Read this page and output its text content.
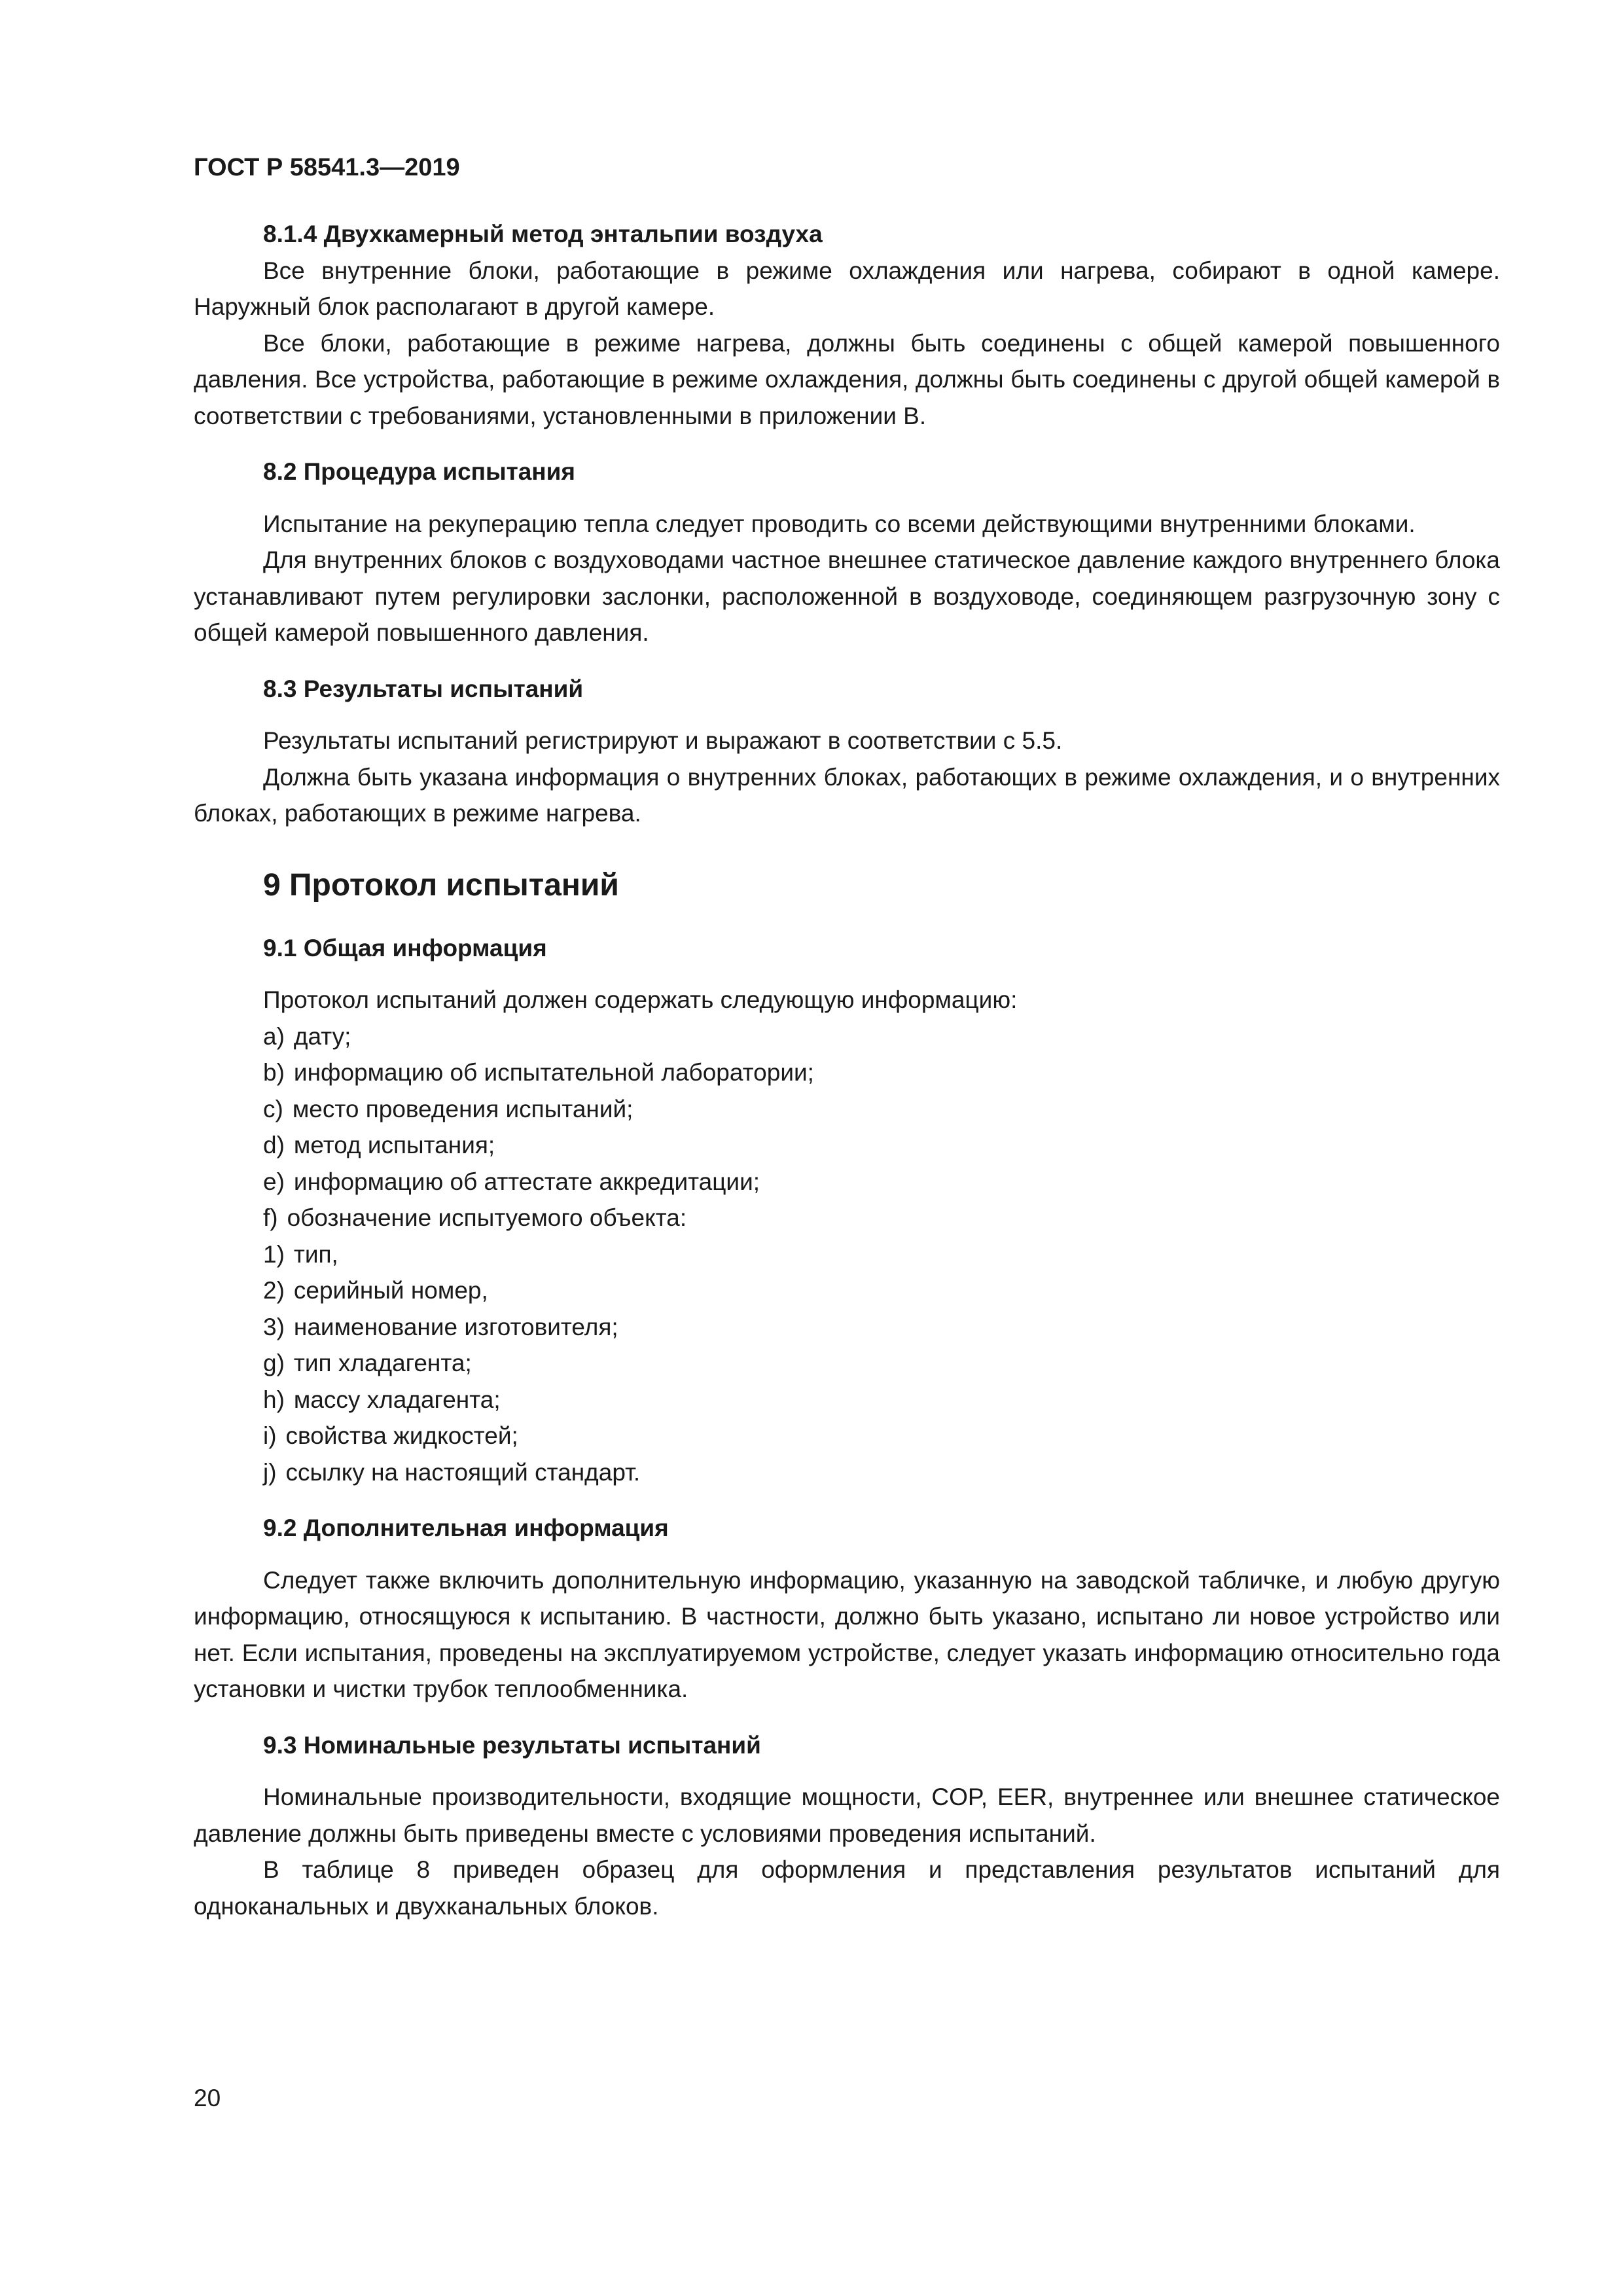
ГОСТ Р 58541.3—2019
8.1.4 Двухкамерный метод энтальпии воздуха

Все внутренние блоки, работающие в режиме охлаждения или нагрева, собирают в одной камере. Наружный блок располагают в другой камере.

Все блоки, работающие в режиме нагрева, должны быть соединены с общей камерой повышенного давления. Все устройства, работающие в режиме охлаждения, должны быть соединены с другой общей камерой в соответствии с требованиями, установленными в приложении В.

8.2 Процедура испытания

Испытание на рекуперацию тепла следует проводить со всеми действующими внутренними блоками.

Для внутренних блоков с воздуховодами частное внешнее статическое давление каждого внутреннего блока устанавливают путем регулировки заслонки, расположенной в воздуховоде, соединяющем разгрузочную зону с общей камерой повышенного давления.

8.3 Результаты испытаний

Результаты испытаний регистрируют и выражают в соответствии с 5.5.

Должна быть указана информация о внутренних блоках, работающих в режиме охлаждения, и о внутренних блоках, работающих в режиме нагрева.

9 Протокол испытаний
9.1 Общая информация

Протокол испытаний должен содержать следующую информацию:

a) дату;
b) информацию об испытательной лаборатории;
c) место проведения испытаний;
d) метод испытания;
e) информацию об аттестате аккредитации;
f) обозначение испытуемого объекта:
1) тип,
2) серийный номер,
3) наименование изготовителя;
g) тип хладагента;
h) массу хладагента;
i) свойства жидкостей;
j) ссылку на настоящий стандарт.
9.2 Дополнительная информация

Следует также включить дополнительную информацию, указанную на заводской табличке, и любую другую информацию, относящуюся к испытанию. В частности, должно быть указано, испытано ли новое устройство или нет. Если испытания, проведены на эксплуатируемом устройстве, следует указать информацию относительно года установки и чистки трубок теплообменника.

9.3 Номинальные результаты испытаний

Номинальные производительности, входящие мощности, COP, EER, внутреннее или внешнее статическое давление должны быть приведены вместе с условиями проведения испытаний.

В таблице 8 приведен образец для оформления и представления результатов испытаний для одноканальных и двухканальных блоков.

20
